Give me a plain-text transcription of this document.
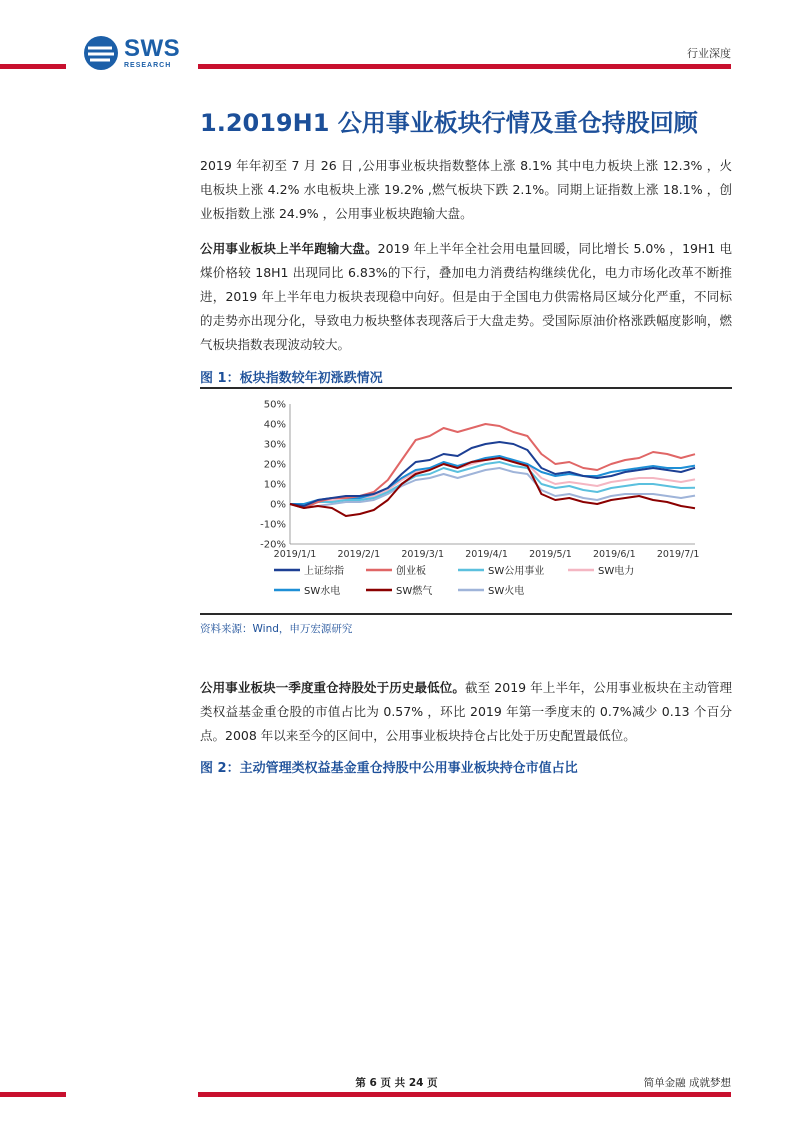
SWS
RESEARCH
行业深度
1.2019H1 公用事业板块行情及重仓持股回顾

2019 年年初至 7 月 26 日 ,公用事业板块指数整体上涨 8.1% 其中电力板块上涨 12.3% ，火电板块上涨 4.2% 水电板块上涨 19.2% ,燃气板块下跌 2.1%。同期上证指数上涨 18.1% ，创业板指数上涨 24.9% ，公用事业板块跑输大盘。

公用事业板块上半年跑输大盘。2019 年上半年全社会用电量回暖，同比增长 5.0% ，19H1 电煤价格较 18H1 出现同比 6.83%的下行，叠加电力消费结构继续优化，电力市场化改革不断推进，2019 年上半年电力板块表现稳中向好。但是由于全国电力供需格局区域分化严重，不同标的走势亦出现分化，导致电力板块整体表现落后于大盘走势。受国际原油价格涨跌幅度影响，燃气板块指数表现波动较大。

图 1：板块指数较年初涨跌情况
50%
40%
30%
20%
10%
0%
-10%
-20%
2019/1/1 2019/2/1 2019/3/1 2019/4/1 2019/5/1 2019/6/1 2019/7/1
上证综指	创业板	SW公用事业	SW电力
SW水电	SW燃气	SW火电
资料来源：Wind，申万宏源研究

公用事业板块一季度重仓持股处于历史最低位。截至 2019 年上半年，公用事业板块在主动管理类权益基金重仓股的市值占比为 0.57% ，环比 2019 年第一季度末的 0.7%减少 0.13 个百分点。2008 年以来至今的区间中，公用事业板块持仓占比处于历史配置最低位。

图 2：主动管理类权益基金重仓持股中公用事业板块持仓市值占比
第 6 页 共 24 页	简单金融 成就梦想
